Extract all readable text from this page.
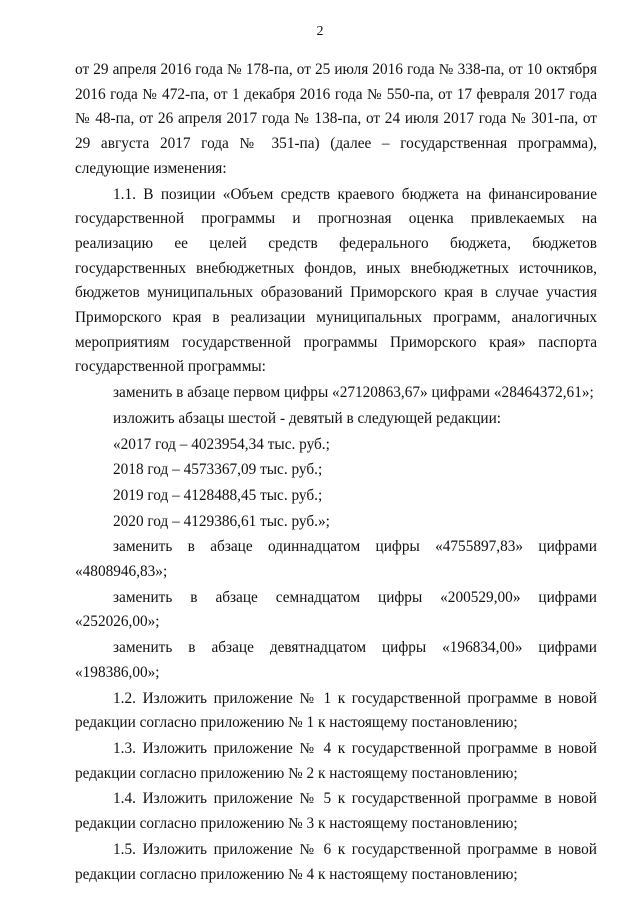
2

от 29 апреля 2016 года № 178-па, от 25 июля 2016 года № 338-па, от 10 октября 2016 года № 472-па, от 1 декабря 2016 года № 550-па, от 17 февраля 2017 года № 48-па, от 26 апреля 2017 года № 138-па, от 24 июля 2017 года № 301-па, от 29 августа 2017 года № 351-па) (далее – государственная программа), следующие изменения:

1.1. В позиции «Объем средств краевого бюджета на финансирование государственной программы и прогнозная оценка привлекаемых на реализацию ее целей средств федерального бюджета, бюджетов государственных внебюджетных фондов, иных внебюджетных источников, бюджетов муниципальных образований Приморского края в случае участия Приморского края в реализации муниципальных программ, аналогичных мероприятиям государственной программы Приморского края» паспорта государственной программы:

заменить в абзаце первом цифры «27120863,67» цифрами «28464372,61»;

изложить абзацы шестой - девятый в следующей редакции:

«2017 год – 4023954,34 тыс. руб.;

2018 год – 4573367,09 тыс. руб.;

2019 год – 4128488,45 тыс. руб.;

2020 год – 4129386,61 тыс. руб.»;

заменить в абзаце одиннадцатом цифры «4755897,83» цифрами «4808946,83»;

заменить в абзаце семнадцатом цифры «200529,00» цифрами «252026,00»;

заменить в абзаце девятнадцатом цифры «196834,00» цифрами «198386,00»;

1.2. Изложить приложение № 1 к государственной программе в новой редакции согласно приложению № 1 к настоящему постановлению;

1.3. Изложить приложение № 4 к государственной программе в новой редакции согласно приложению № 2 к настоящему постановлению;

1.4. Изложить приложение № 5 к государственной программе в новой редакции согласно приложению № 3 к настоящему постановлению;

1.5. Изложить приложение № 6 к государственной программе в новой редакции согласно приложению № 4 к настоящему постановлению;
